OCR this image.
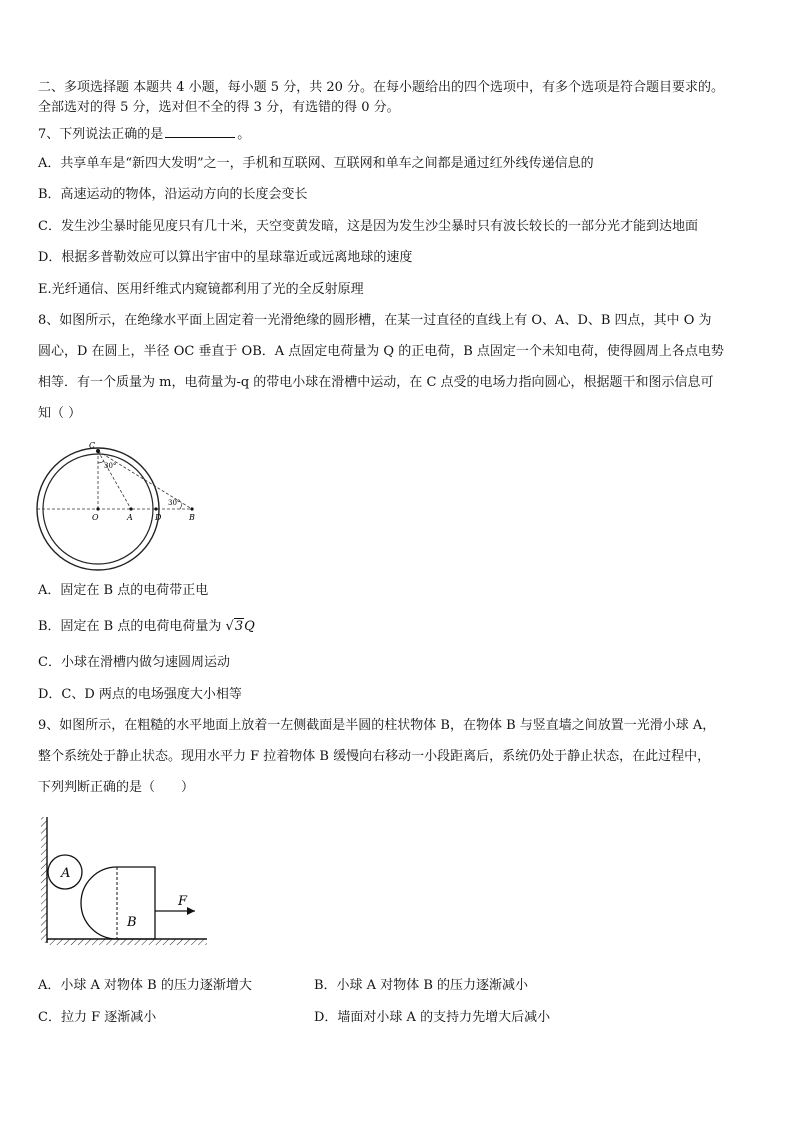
二、多项选择题 本题共 4 小题，每小题 5 分，共 20 分。在每小题给出的四个选项中，有多个选项是符合题目要求的。
全部选对的得 5 分，选对但不全的得 3 分，有选错的得 0 分。
7、下列说法正确的是	。
A．共享单车是“新四大发明”之一，手机和互联网、互联网和单车之间都是通过红外线传递信息的
B．高速运动的物体，沿运动方向的长度会变长
C．发生沙尘暴时能见度只有几十米，天空变黄发暗，这是因为发生沙尘暴时只有波长较长的一部分光才能到达地面
D．根据多普勒效应可以算出宇宙中的星球靠近或远离地球的速度
E.光纤通信、医用纤维式内窥镜都利用了光的全反射原理
8、如图所示，在绝缘水平面上固定着一光滑绝缘的圆形槽，在某一过直径的直线上有 O、A、D、B 四点，其中 O 为
圆心，D 在圆上，半径 OC 垂直于 OB．A 点固定电荷量为 Q 的正电荷，B 点固定一个未知电荷，使得圆周上各点电势
相等．有一个质量为 m，电荷量为-q 的带电小球在滑槽中运动，在 C 点受的电场力指向圆心，根据题干和图示信息可
知（ ）
C
30°
O	A	D
30°
B
A．固定在 B 点的电荷带正电
B．固定在 B 点的电荷电荷量为 √3Q
C．小球在滑槽内做匀速圆周运动
D．C、D 两点的电场强度大小相等
9、如图所示，在粗糙的水平地面上放着一左侧截面是半圆的柱状物体 B，在物体 B 与竖直墙之间放置一光滑小球 A，
整个系统处于静止状态。现用水平力 F 拉着物体 B 缓慢向右移动一小段距离后，系统仍处于静止状态，在此过程中，
下列判断正确的是（　　）
A
B
F
A．小球 A 对物体 B 的压力逐渐增大	B．小球 A 对物体 B 的压力逐渐减小
C．拉力 F 逐渐减小	D．墙面对小球 A 的支持力先增大后减小
